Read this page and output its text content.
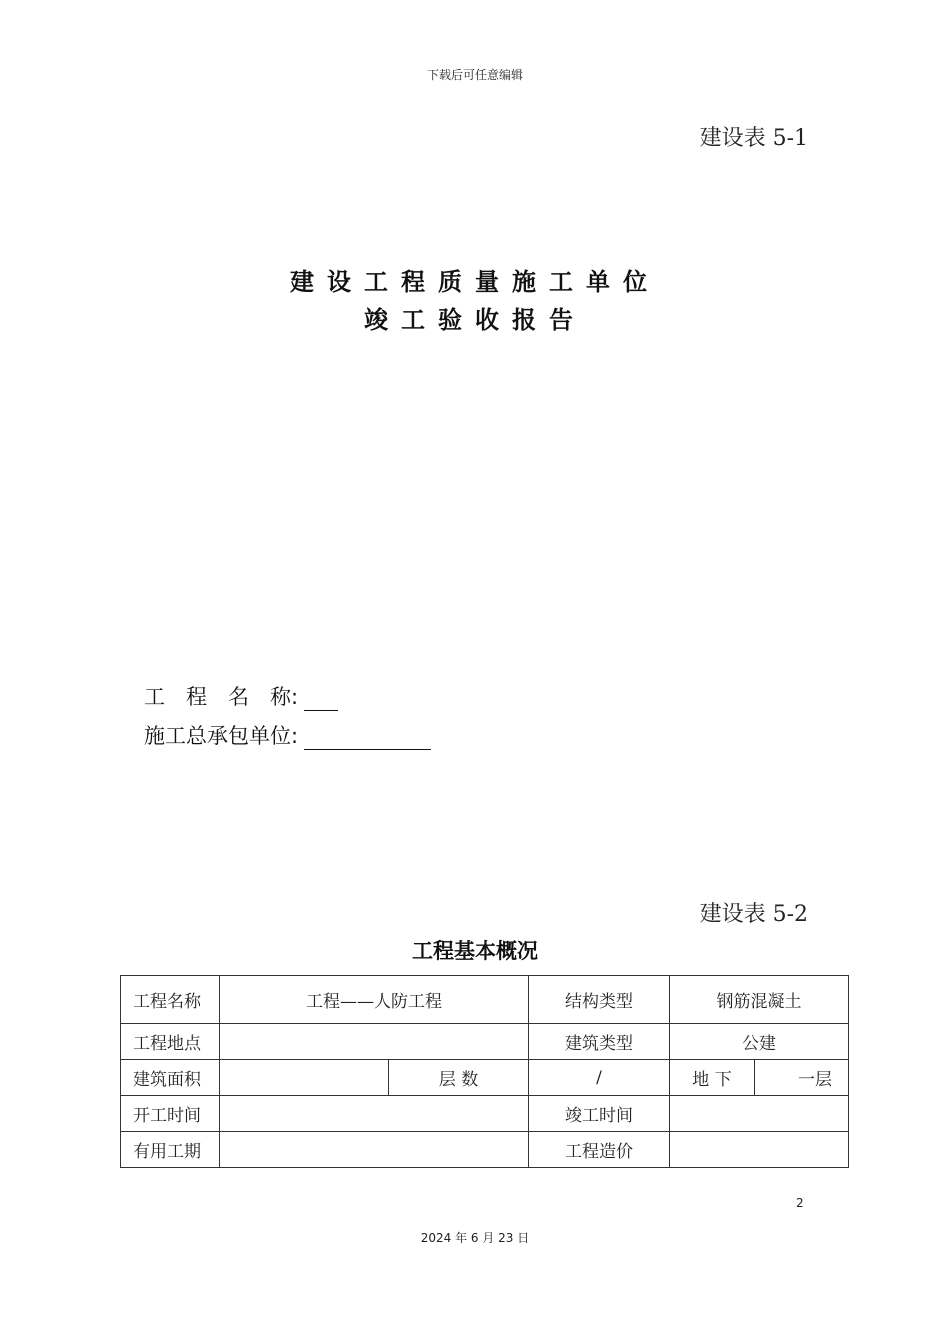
下载后可任意编辑
建设表 5-1
建设工程质量施工单位
竣工验收报告
工　程　名　称:
施工总承包单位:
建设表 5-2
工程基本概况
工程名称	工程——人防工程		结构类型	钢筋混凝土	
工程地点			建筑类型	公建	
建筑面积		层 数	/	地 下	一层
开工时间			竣工时间		
有用工期			工程造价		
2
2024 年 6 月 23 日
